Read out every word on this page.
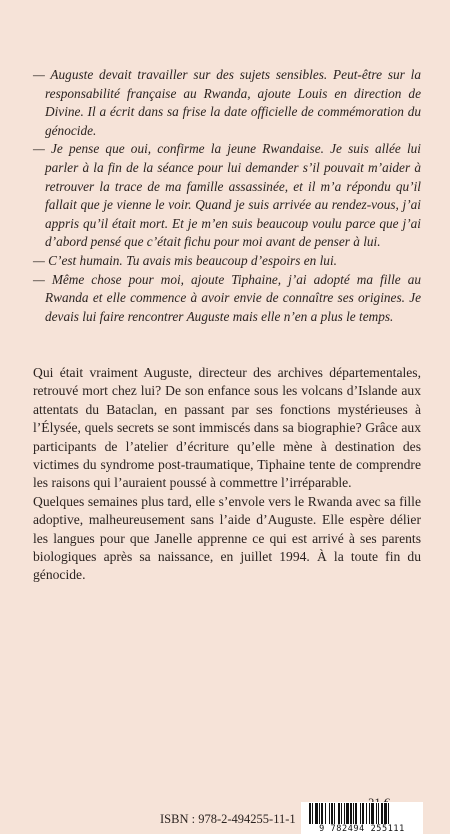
— Auguste devait travailler sur des sujets sensibles. Peut-être sur la responsabilité française au Rwanda, ajoute Louis en direction de Divine. Il a écrit dans sa frise la date officielle de commémoration du génocide.

— Je pense que oui, confirme la jeune Rwandaise. Je suis allée lui parler à la fin de la séance pour lui demander s’il pouvait m’aider à retrouver la trace de ma famille assassinée, et il m’a répondu qu’il fallait que je vienne le voir. Quand je suis arrivée au rendez-vous, j’ai appris qu’il était mort. Et je m’en suis beaucoup voulu parce que j’ai d’abord pensé que c’était fichu pour moi avant de penser à lui.

— C’est humain. Tu avais mis beaucoup d’espoirs en lui.

— Même chose pour moi, ajoute Tiphaine, j’ai adopté ma fille au Rwanda et elle commence à avoir envie de connaître ses origines. Je devais lui faire rencontrer Auguste mais elle n’en a plus le temps.

Qui était vraiment Auguste, directeur des archives départementales, retrouvé mort chez lui? De son enfance sous les volcans d’Islande aux attentats du Bataclan, en passant par ses fonctions mystérieuses à l’Élysée, quels secrets se sont immiscés dans sa biographie? Grâce aux participants de l’atelier d’écriture qu’elle mène à destination des victimes du syndrome post-traumatique, Tiphaine tente de comprendre les raisons qui l’auraient poussé à commettre l’irréparable.

Quelques semaines plus tard, elle s’envole vers le Rwanda avec sa fille adoptive, malheureusement sans l’aide d’Auguste. Elle espère délier les langues pour que Janelle apprenne ce qui est arrivé à ses parents biologiques après sa naissance, en juillet 1994. À la toute fin du génocide.

ISBN : 978-2-494255-11-1
9 782494 255111
